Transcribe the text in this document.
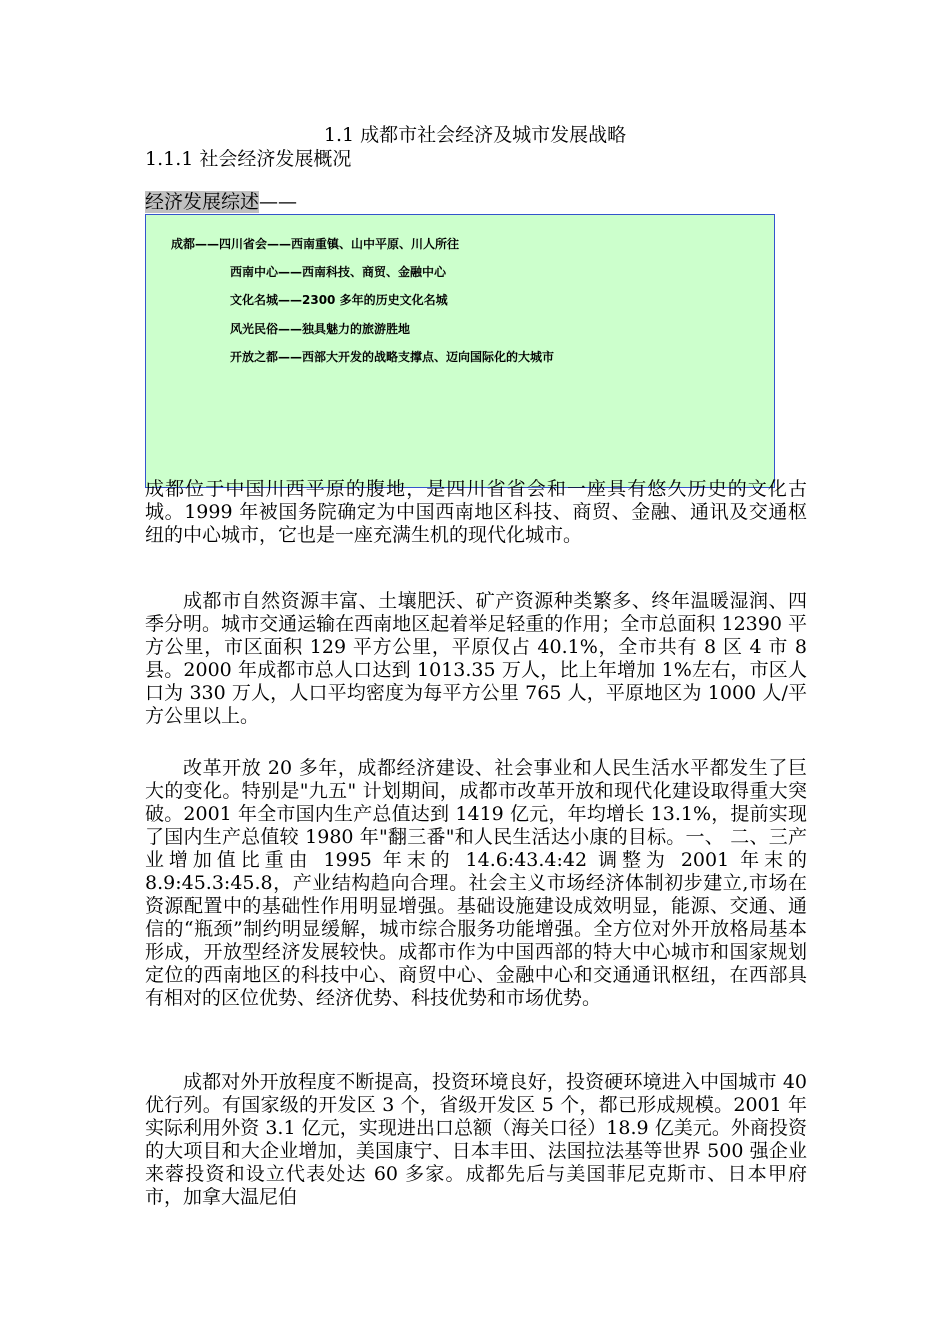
1.1 成都市社会经济及城市发展战略
1.1.1 社会经济发展概况
经济发展综述——
成都——四川省会——西南重镇、山中平原、川人所往
西南中心——西南科技、商贸、金融中心
文化名城——2300 多年的历史文化名城
风光民俗——独具魅力的旅游胜地
开放之都——西部大开发的战略支撑点、迈向国际化的大城市

成都位于中国川西平原的腹地，是四川省省会和一座具有悠久历史的文化古城。1999 年被国务院确定为中国西南地区科技、商贸、金融、通讯及交通枢纽的中心城市，它也是一座充满生机的现代化城市。

成都市自然资源丰富、土壤肥沃、矿产资源种类繁多、终年温暖湿润、四季分明。城市交通运输在西南地区起着举足轻重的作用；全市总面积 12390 平方公里，市区面积 129 平方公里，平原仅占 40.1%，全市共有 8 区 4 市 8 县。2000 年成都市总人口达到 1013.35 万人，比上年增加 1%左右，市区人口为 330 万人，人口平均密度为每平方公里 765 人，平原地区为 1000 人/平方公里以上。

改革开放 20 多年，成都经济建设、社会事业和人民生活水平都发生了巨大的变化。特别是"九五" 计划期间，成都市改革开放和现代化建设取得重大突破。2001 年全市国内生产总值达到 1419 亿元，年均增长 13.1%，提前实现了国内生产总值较 1980 年"翻三番"和人民生活达小康的目标。一、 二、三产业增加值比重由 1995 年末的 14.6:43.4:42 调整为 2001 年末的 8.9:45.3:45.8，产业结构趋向合理。社会主义市场经济体制初步建立,市场在资源配置中的基础性作用明显增强。基础设施建设成效明显，能源、交通、通信的“瓶颈”制约明显缓解，城市综合服务功能增强。全方位对外开放格局基本形成，开放型经济发展较快。成都市作为中国西部的特大中心城市和国家规划定位的西南地区的科技中心、商贸中心、金融中心和交通通讯枢纽，在西部具有相对的区位优势、经济优势、科技优势和市场优势。

成都对外开放程度不断提高，投资环境良好，投资硬环境进入中国城市 40 优行列。有国家级的开发区 3 个，省级开发区 5 个，都已形成规模。2001 年实际利用外资 3.1 亿元，实现进出口总额（海关口径）18.9 亿美元。外商投资的大项目和大企业增加，美国康宁、日本丰田、法国拉法基等世界 500 强企业来蓉投资和设立代表处达 60 多家。成都先后与美国菲尼克斯市、日本甲府市，加拿大温尼伯
